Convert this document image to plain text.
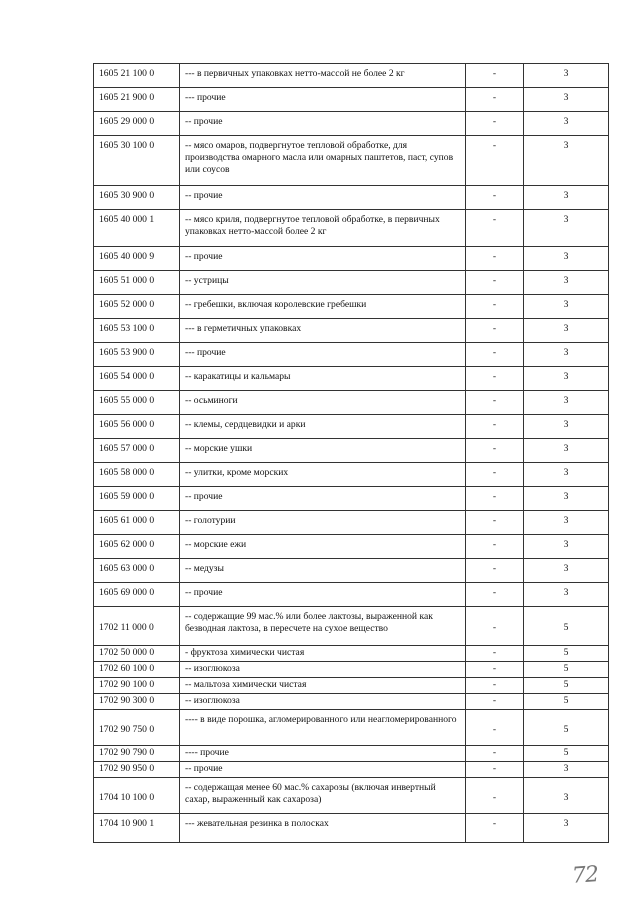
1605 21 100 0	--- в первичных упаковках нетто-массой не более 2 кг	-	3
1605 21 900 0	--- прочие	-	3
1605 29 000 0	-- прочие	-	3
1605 30 100 0	-- мясо омаров, подвергнутое тепловой обработке, для производства омарного масла или омарных паштетов, паст, супов или соусов	-	3
1605 30 900 0	-- прочие	-	3
1605 40 000 1	-- мясо криля, подвергнутое тепловой обработке, в первичных упаковках нетто-массой более 2 кг	-	3
1605 40 000 9	-- прочие	-	3
1605 51 000 0	-- устрицы	-	3
1605 52 000 0	-- гребешки, включая королевские гребешки	-	3
1605 53 100 0	--- в герметичных упаковках	-	3
1605 53 900 0	--- прочие	-	3
1605 54 000 0	-- каракатицы и кальмары	-	3
1605 55 000 0	-- осьминоги	-	3
1605 56 000 0	-- клемы, сердцевидки и арки	-	3
1605 57 000 0	-- морские ушки	-	3
1605 58 000 0	-- улитки, кроме морских	-	3
1605 59 000 0	-- прочие	-	3
1605 61 000 0	-- голотурии	-	3
1605 62 000 0	-- морские ежи	-	3
1605 63 000 0	-- медузы	-	3
1605 69 000 0	-- прочие	-	3
1702 11 000 0	-- содержащие 99 мас.% или более лактозы, выраженной как безводная лактоза, в пересчете на сухое вещество	-	5
1702 50 000 0	- фруктоза химически чистая	-	5
1702 60 100 0	-- изоглюкоза	-	5
1702 90 100 0	-- мальтоза химически чистая	-	5
1702 90 300 0	-- изоглюкоза	-	5
1702 90 750 0	---- в виде порошка, агломерированного или неагломерированного	-	5
1702 90 790 0	---- прочие	-	5
1702 90 950 0	-- прочие	-	3
1704 10 100 0	-- содержащая менее 60 мас.% сахарозы (включая инвертный сахар, выраженный как сахароза)	-	3
1704 10 900 1	--- жевательная резинка в полосках	-	3
72
